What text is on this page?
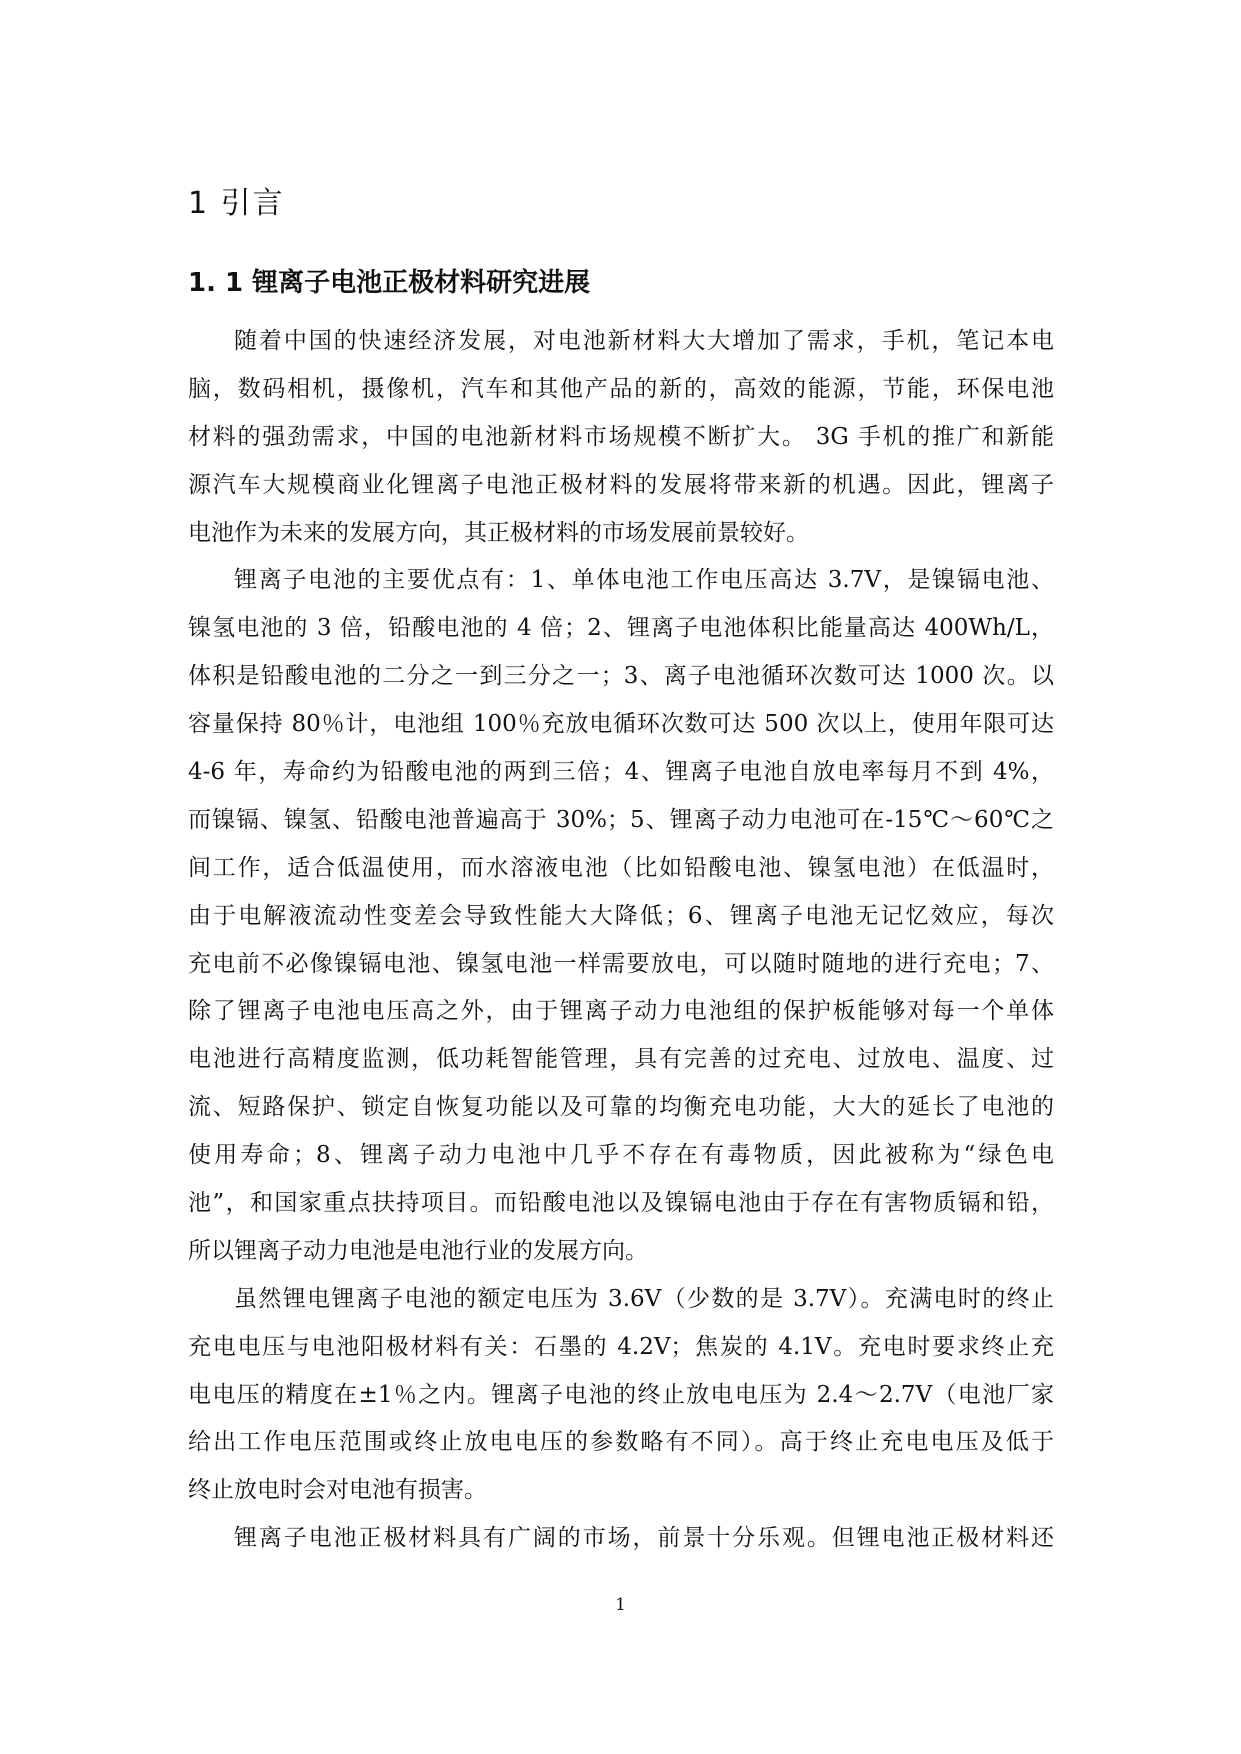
1 引言
1. 1 锂离子电池正极材料研究进展
随着中国的快速经济发展，对电池新材料大大增加了需求，手机，笔记本电
脑，数码相机，摄像机，汽车和其他产品的新的，高效的能源，节能，环保电池
材料的强劲需求，中国的电池新材料市场规模不断扩大。 3G 手机的推广和新能
源汽车大规模商业化锂离子电池正极材料的发展将带来新的机遇。因此，锂离子
电池作为未来的发展方向，其正极材料的市场发展前景较好。
锂离子电池的主要优点有：1、单体电池工作电压高达 3.7V，是镍镉电池、
镍氢电池的 3 倍，铅酸电池的 4 倍；2、锂离子电池体积比能量高达 400Wh/L，
体积是铅酸电池的二分之一到三分之一；3、离子电池循环次数可达 1000 次。以
容量保持 80％计，电池组 100％充放电循环次数可达 500 次以上，使用年限可达
4-6 年，寿命约为铅酸电池的两到三倍；4、锂离子电池自放电率每月不到 4%，
而镍镉、镍氢、铅酸电池普遍高于 30%；5、锂离子动力电池可在-15℃～60℃之
间工作，适合低温使用，而水溶液电池（比如铅酸电池、镍氢电池）在低温时，
由于电解液流动性变差会导致性能大大降低；6、锂离子电池无记忆效应，每次
充电前不必像镍镉电池、镍氢电池一样需要放电，可以随时随地的进行充电；7、
除了锂离子电池电压高之外，由于锂离子动力电池组的保护板能够对每一个单体
电池进行高精度监测，低功耗智能管理，具有完善的过充电、过放电、温度、过
流、短路保护、锁定自恢复功能以及可靠的均衡充电功能，大大的延长了电池的
使用寿命；8、锂离子动力电池中几乎不存在有毒物质，因此被称为“绿色电
池”，和国家重点扶持项目。而铅酸电池以及镍镉电池由于存在有害物质镉和铅，
所以锂离子动力电池是电池行业的发展方向。
虽然锂电锂离子电池的额定电压为 3.6V（少数的是 3.7V）。充满电时的终止
充电电压与电池阳极材料有关：石墨的 4.2V；焦炭的 4.1V。充电时要求终止充
电电压的精度在±1％之内。锂离子电池的终止放电电压为 2.4～2.7V（电池厂家
给出工作电压范围或终止放电电压的参数略有不同）。高于终止充电电压及低于
终止放电时会对电池有损害。
锂离子电池正极材料具有广阔的市场，前景十分乐观。但锂电池正极材料还
1
